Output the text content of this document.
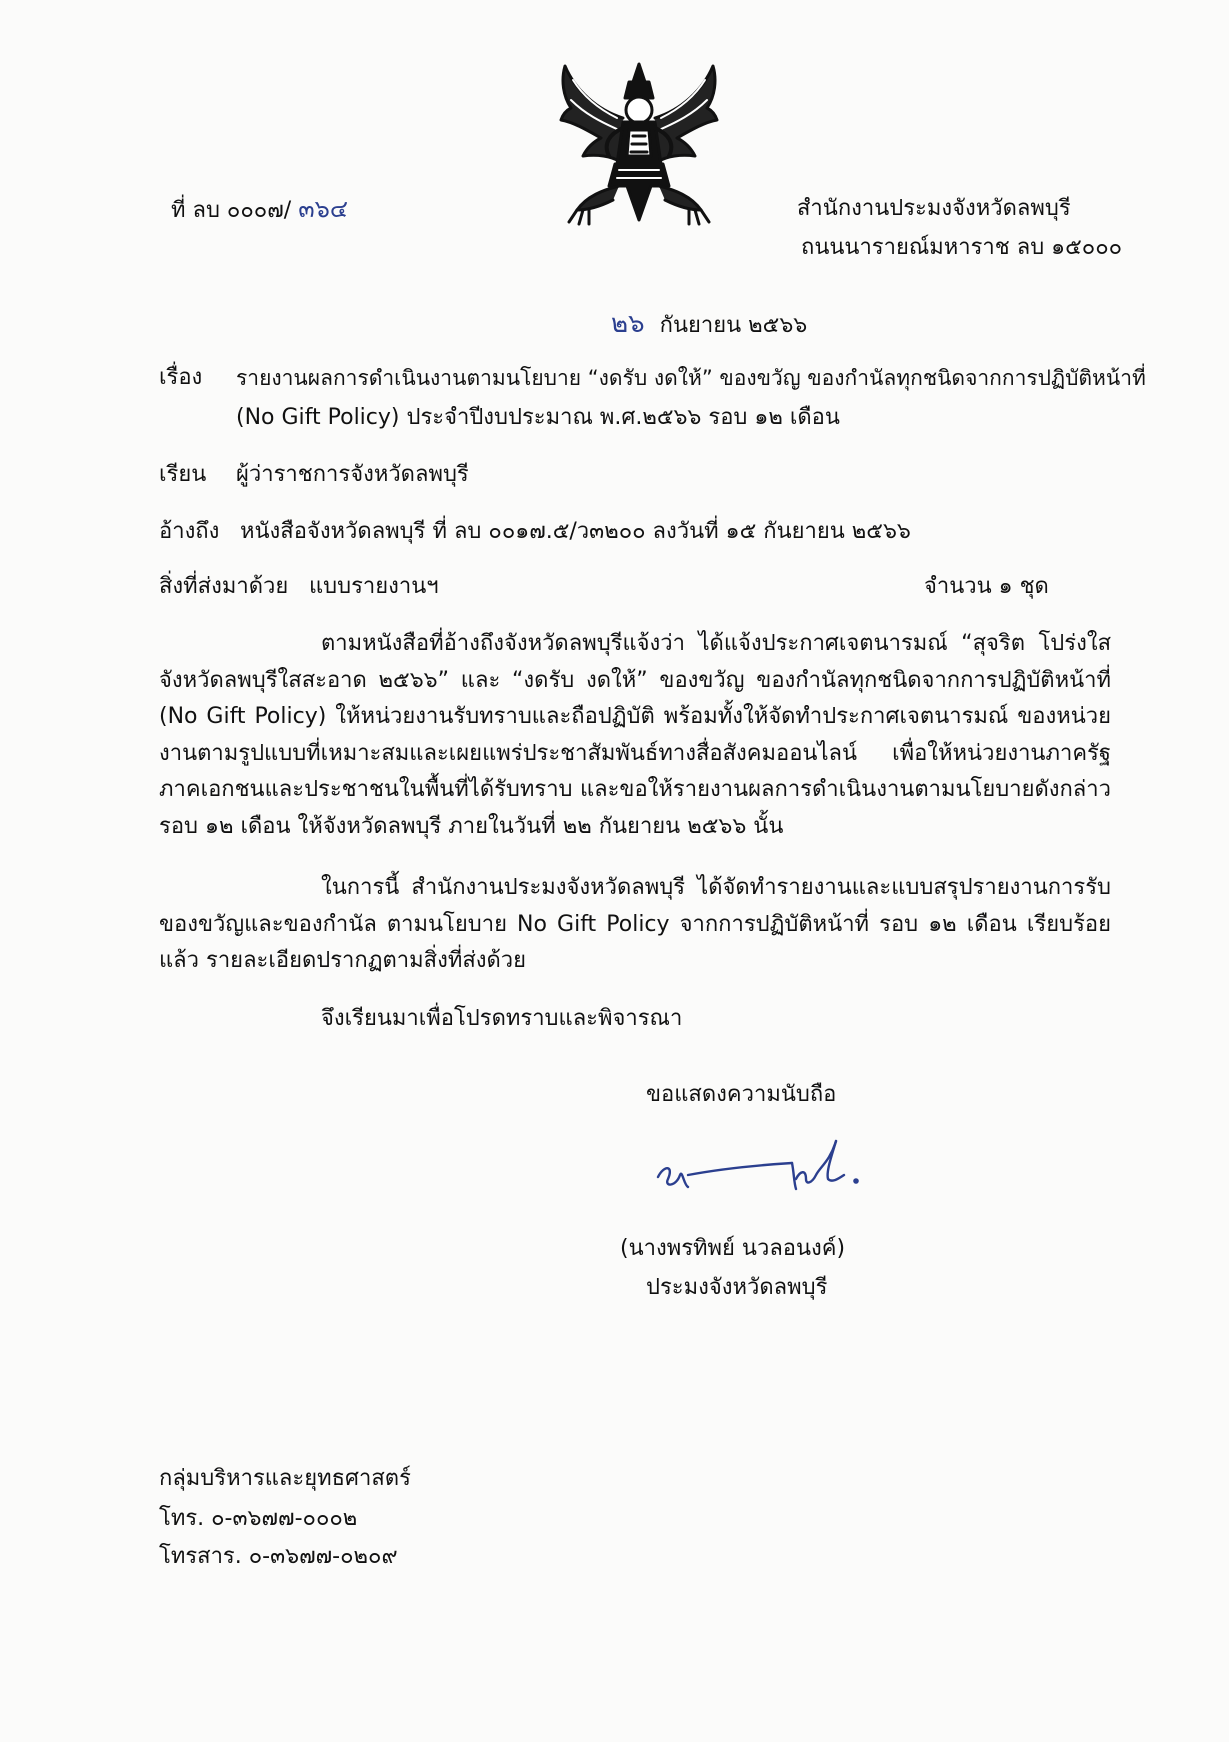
ที่ ลบ ๐๐๐๗/ ๓๖๔	สำนักงานประมงจังหวัดลพบุรี
ถนนนารายณ์มหาราช ลบ ๑๕๐๐๐
๒๖ กันยายน ๒๕๖๖
เรื่อง รายงานผลการดำเนินงานตามนโยบาย “งดรับ งดให้” ของขวัญ ของกำนัลทุกชนิดจากการปฏิบัติหน้าที่
(No Gift Policy) ประจำปีงบประมาณ พ.ศ.๒๕๖๖ รอบ ๑๒ เดือน
เรียน ผู้ว่าราชการจังหวัดลพบุรี
อ้างถึง หนังสือจังหวัดลพบุรี ที่ ลบ ๐๐๑๗.๕/ว๓๒๐๐ ลงวันที่ ๑๕ กันยายน ๒๕๖๖
สิ่งที่ส่งมาด้วย แบบรายงานฯ	จำนวน ๑ ชุด
ตามหนังสือที่อ้างถึงจังหวัดลพบุรีแจ้งว่า ได้แจ้งประกาศเจตนารมณ์ “สุจริต โปร่งใส จังหวัดลพบุรีใสสะอาด ๒๕๖๖” และ “งดรับ งดให้” ของขวัญ ของกำนัลทุกชนิดจากการปฏิบัติหน้าที่ (No Gift Policy) ให้หน่วยงานรับทราบและถือปฏิบัติ พร้อมทั้งให้จัดทำประกาศเจตนารมณ์ ของหน่วยงานตามรูปแบบที่เหมาะสมและเผยแพร่ประชาสัมพันธ์ทางสื่อสังคมออนไลน์ เพื่อให้หน่วยงานภาครัฐ ภาคเอกชนและประชาชนในพื้นที่ได้รับทราบ และขอให้รายงานผลการดำเนินงานตามนโยบายดังกล่าว รอบ ๑๒ เดือน ให้จังหวัดลพบุรี ภายในวันที่ ๒๒ กันยายน ๒๕๖๖ นั้น
ในการนี้ สำนักงานประมงจังหวัดลพบุรี ได้จัดทำรายงานและแบบสรุปรายงานการรับของขวัญและของกำนัล ตามนโยบาย No Gift Policy จากการปฏิบัติหน้าที่ รอบ ๑๒ เดือน เรียบร้อยแล้ว รายละเอียดปรากฏตามสิ่งที่ส่งด้วย
จึงเรียนมาเพื่อโปรดทราบและพิจารณา
ขอแสดงความนับถือ
(นางพรทิพย์ นวลอนงค์)
ประมงจังหวัดลพบุรี
กลุ่มบริหารและยุทธศาสตร์
โทร. ๐-๓๖๗๗-๐๐๐๒
โทรสาร. ๐-๓๖๗๗-๐๒๐๙
